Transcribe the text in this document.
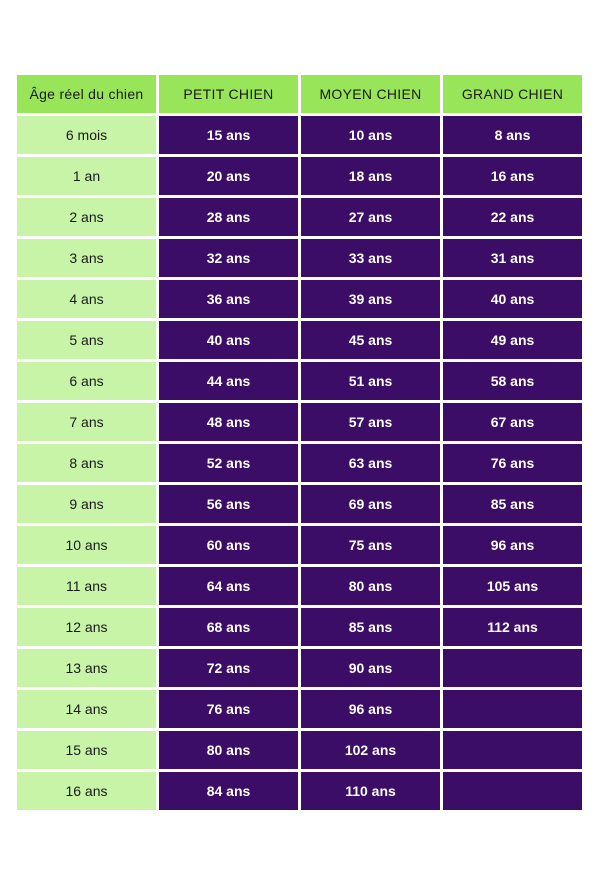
Âge réel du chien	PETIT CHIEN	MOYEN CHIEN	GRAND CHIEN
6 mois	15 ans	10 ans	8 ans
1 an	20 ans	18 ans	16 ans
2 ans	28 ans	27 ans	22 ans
3 ans	32 ans	33 ans	31 ans
4 ans	36 ans	39 ans	40 ans
5 ans	40 ans	45 ans	49 ans
6 ans	44 ans	51 ans	58 ans
7 ans	48 ans	57 ans	67 ans
8 ans	52 ans	63 ans	76 ans
9 ans	56 ans	69 ans	85 ans
10 ans	60 ans	75 ans	96 ans
11 ans	64 ans	80 ans	105 ans
12 ans	68 ans	85 ans	112 ans
13 ans	72 ans	90 ans	
14 ans	76 ans	96 ans	
15 ans	80 ans	102 ans	
16 ans	84 ans	110 ans	
